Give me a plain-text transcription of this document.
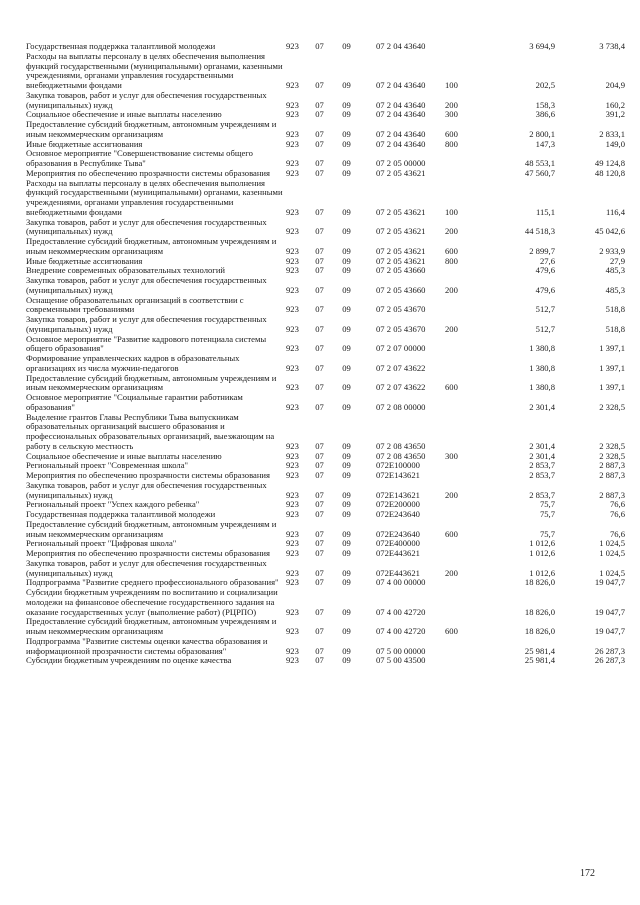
Государственная поддержка талантливой молодежи	923	07	09	07 2 04 43640		3 694,9	3 738,4
Расходы на выплаты персоналу в целях обеспечения выполнения функций государственными (муниципальными) органами, казенными учреждениями, органами управления государственными внебюджетными фондами	923	07	09	07 2 04 43640	100	202,5	204,9
Закупка товаров, работ и услуг для обеспечения государственных (муниципальных) нужд	923	07	09	07 2 04 43640	200	158,3	160,2
Социальное обеспечение и иные выплаты населению	923	07	09	07 2 04 43640	300	386,6	391,2
Предоставление субсидий бюджетным, автономным учреждениям и иным некоммерческим организациям	923	07	09	07 2 04 43640	600	2 800,1	2 833,1
Иные бюджетные ассигнования	923	07	09	07 2 04 43640	800	147,3	149,0
Основное мероприятие "Совершенствование системы общего образования в Республике Тыва"	923	07	09	07 2 05 00000		48 553,1	49 124,8
Мероприятия по обеспечению прозрачности системы образования	923	07	09	07 2 05 43621		47 560,7	48 120,8
Расходы на выплаты персоналу в целях обеспечения выполнения функций государственными (муниципальными) органами, казенными учреждениями, органами управления государственными внебюджетными фондами	923	07	09	07 2 05 43621	100	115,1	116,4
Закупка товаров, работ и услуг для обеспечения государственных (муниципальных) нужд	923	07	09	07 2 05 43621	200	44 518,3	45 042,6
Предоставление субсидий бюджетным, автономным учреждениям и иным некоммерческим организациям	923	07	09	07 2 05 43621	600	2 899,7	2 933,9
Иные бюджетные ассигнования	923	07	09	07 2 05 43621	800	27,6	27,9
Внедрение современных образовательных технологий	923	07	09	07 2 05 43660		479,6	485,3
Закупка товаров, работ и услуг для обеспечения государственных (муниципальных) нужд	923	07	09	07 2 05 43660	200	479,6	485,3
Оснащение образовательных организаций в соответствии с современными требованиями	923	07	09	07 2 05 43670		512,7	518,8
Закупка товаров, работ и услуг для обеспечения государственных (муниципальных) нужд	923	07	09	07 2 05 43670	200	512,7	518,8
Основное мероприятие "Развитие кадрового потенциала системы общего образования"	923	07	09	07 2 07 00000		1 380,8	1 397,1
Формирование управленческих кадров в образовательных организациях из числа мужчин-педагогов	923	07	09	07 2 07 43622		1 380,8	1 397,1
Предоставление субсидий бюджетным, автономным учреждениям и иным некоммерческим организациям	923	07	09	07 2 07 43622	600	1 380,8	1 397,1
Основное мероприятие "Социальные гарантии работникам образования"	923	07	09	07 2 08 00000		2 301,4	2 328,5
Выделение грантов Главы Республики Тыва выпускникам образовательных организаций высшего образования и профессиональных образовательных организаций, выезжающим на работу в сельскую местность	923	07	09	07 2 08 43650		2 301,4	2 328,5
Социальное обеспечение и иные выплаты населению	923	07	09	07 2 08 43650	300	2 301,4	2 328,5
Региональный проект "Современная школа"	923	07	09	072E100000		2 853,7	2 887,3
Мероприятия по обеспечению прозрачности системы образования	923	07	09	072E143621		2 853,7	2 887,3
Закупка товаров, работ и услуг для обеспечения государственных (муниципальных) нужд	923	07	09	072E143621	200	2 853,7	2 887,3
Региональный проект "Успех каждого ребенка"	923	07	09	072E200000		75,7	76,6
Государственная поддержка талантливой молодежи	923	07	09	072E243640		75,7	76,6
Предоставление субсидий бюджетным, автономным учреждениям и иным некоммерческим организациям	923	07	09	072E243640	600	75,7	76,6
Региональный проект "Цифровая школа"	923	07	09	072E400000		1 012,6	1 024,5
Мероприятия по обеспечению прозрачности системы образования	923	07	09	072E443621		1 012,6	1 024,5
Закупка товаров, работ и услуг для обеспечения государственных (муниципальных) нужд	923	07	09	072E443621	200	1 012,6	1 024,5
Подпрограмма "Развитие среднего профессионального образования"	923	07	09	07 4 00 00000		18 826,0	19 047,7
Субсидии бюджетным учреждениям по воспитанию и социализации молодежи на финансовое обеспечение государственного задания на оказание государственных услуг (выполнение работ) (РЦРПО)	923	07	09	07 4 00 42720		18 826,0	19 047,7
Предоставление субсидий бюджетным, автономным учреждениям и иным некоммерческим организациям	923	07	09	07 4 00 42720	600	18 826,0	19 047,7
Подпрограмма "Развитие системы оценки качества образования и информационной прозрачности системы образования"	923	07	09	07 5 00 00000		25 981,4	26 287,3
Субсидии бюджетным учреждениям по оценке качества	923	07	09	07 5 00 43500		25 981,4	26 287,3
172
